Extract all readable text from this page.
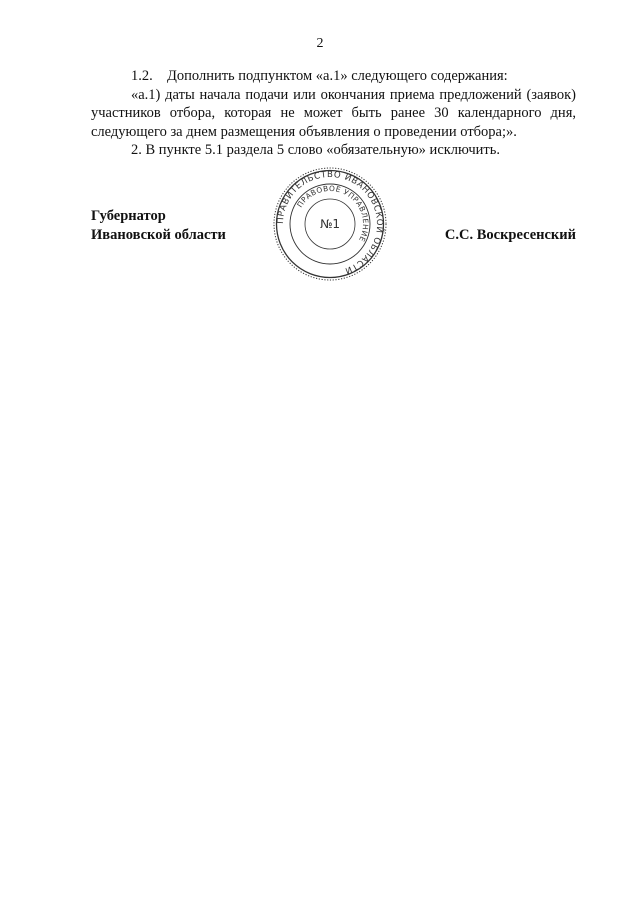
2

1.2. Дополнить подпунктом «а.1» следующего содержания:

«а.1) даты начала подачи или окончания приема предложений (заявок) участников отбора, которая не может быть ранее 30 календарного дня, следующего за днем размещения объявления о проведении отбора;».

2. В пункте 5.1 раздела 5 слово «обязательную» исключить.

Губернатор
Ивановской области	С.С. Воскресенский
ПРАВИТЕЛЬСТВО ИВАНОВСКОЙ ОБЛАСТИ
ПРАВОВОЕ УПРАВЛЕНИЕ
№1
